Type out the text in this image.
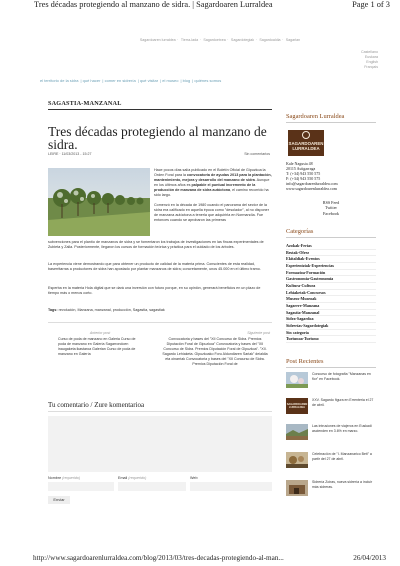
Tres décadas protegiendo al manzano de sidra. | Sagardoaren Lurraldea	Page 1 of 3
Sagardoaren lurraldea · Tierra-lada · Sagardoetxea · Sagardotegiak · Sagardoaldia · Sagarlan
Castellano
Euskara
English
Français
el territorio de la sidra | qué hacer | comer en sidrería | qué visitar | el museo | blog | quiénes somos
SAGASTIA-MANZANAL
Tres décadas protegiendo al manzano de sidra.
LEIRE · 11/03/2013 - 15:27	Sin comentarios

Hace pocos días salía publicado en el Boletín Oficial de Gipuzkoa la Orden Foral para la convocatoria de ayudas 2013 para la plantación, mantenimiento, mejora y desarrollo del manzano de sidra. Aunque en los últimos años es palpable el puntual incremento de la producción de manzana de sidra autóctona, el camino recorrido ha sido largo.

Comenzó en la década de 1980 cuando el panorama del sector de la sidra era calificado en aquella época como "desolador", al no disponer de manzana autóctona a tenerla que adquirirla en Normandía. Fue entonces cuando se aprobaron las primeras

subvenciones para el plantío de manzanos de sidra y se fomentaron los trabajos de investigaciones en las fincas experimentales de Zubieta y Zalla. Posteriormente, llegaron los cursos de formación teórica y práctica para el cuidado de los árboles.

La experiencia viene demostrando que para obtener un producto de calidad de la materia prima. Conscientes de esta realidad, baserritarras a productores de sidra han apostado por plantar manzanos de sidra; concretamente, unos 45.000 en el último tramo.

Esperba en la materia Hola digital que se dará una inversión con futuro porque, en su opinión, generará beneficios en un plazo de tiempo más o menos corto.

Tags: revolución, Manzana, manzanal, producción, Sagastia, sagastiak
Anterior post
Curso de poda de manzano en Galeria Curso de poda de manzano en Galería Sagarrondoen inaugaketa ikastaroa Galerian Curso de poda de manzano en Galería
Siguiente post
Convocatoria y bases del "XII Concurso de Sidra. Premios Diputación Foral de Gipuzkoa" Convocatoria y bases del "XII Concurso de Sidra. Premios Diputación Foral de Gipuzkoa". "XII. Sagardo Lehiaketa. Gipuzkoako Foru Aldundiaren Sariak" deialdia eta oinarriak Convocatoria y bases del "XII Concurso de Sidra. Premios Diputación Foral de
Tu comentario / Zure komentarioa
Nombre (requerido)	Email (requerido)	Web
Enviar
Sagardoaren Lurraldea
SAGARDOAREN
LURRALDEA
Kale Nagusia 48
20115 Astigarraga
T: (+34) 943 550 575
F: (+34) 943 550 575
info@sagardoarenlurraldea.com
www.sagardoarenlurraldea.com
RSS Feed
Twitter
Facebook
Categorías
Azokak-Ferias
Bestak-Ofrez
Ekitaldiak-Eventos
Esperientziak-Experiencias
Formazioa-Formación
Gastronomia-Gastronomía
Kultura-Cultura
Lehiaketak-Concursos
Museos-Museoak
Sagarrre-Manzana
Sagastia-Manzanal
Sidra-Sagardoa
Sidrerías-Sagardotegiak
Sin categoría
Turismoa-Turismo
Post Recientes
Concurso de fotografía "Manzanas en flor" en Facebook.
SAGARDOAREN
LURRALDEA
XXV. Sagardo figura en Errenteria el 27 de abril.
Las intrusiones de viajeros en Euskadi ascienden en 3.6% en marzo.
Celebración de "I. Manzanarico Beti" a partir del 27 de abril.
Sidrería Zoiras, nueva sidrería a incluir más sidreras.
http://www.sagardoarenlurraldea.com/blog/2013/03/tres-decadas-protegiendo-al-man...	26/04/2013
